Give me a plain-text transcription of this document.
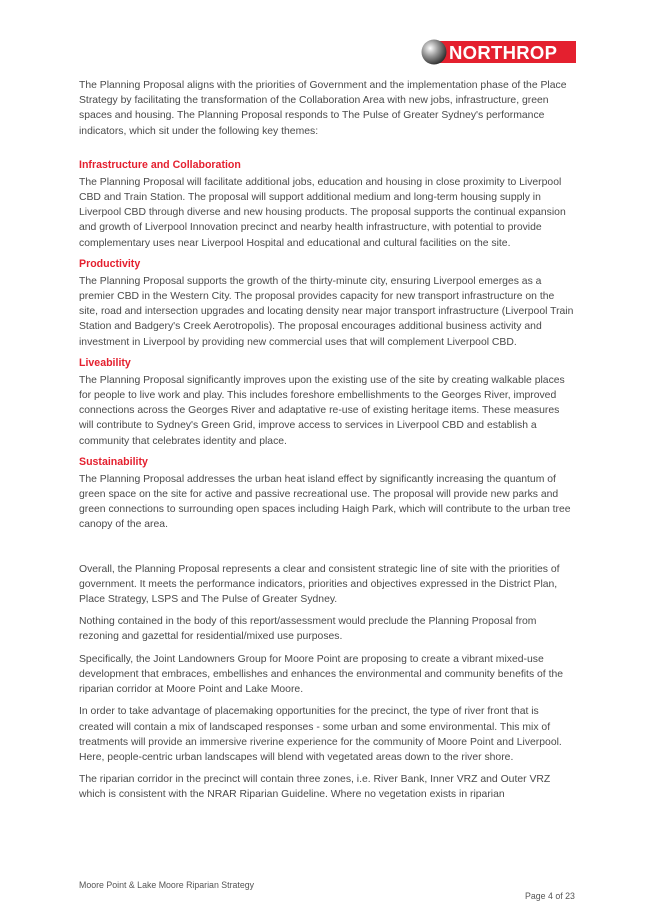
NORTHROP

The Planning Proposal aligns with the priorities of Government and the implementation phase of the Place Strategy by facilitating the transformation of the Collaboration Area with new jobs, infrastructure, green spaces and housing. The Planning Proposal responds to The Pulse of Greater Sydney's performance indicators, which sit under the following key themes:

Infrastructure and Collaboration

The Planning Proposal will facilitate additional jobs, education and housing in close proximity to Liverpool CBD and Train Station. The proposal will support additional medium and long-term housing supply in Liverpool CBD through diverse and new housing products. The proposal supports the continual expansion and growth of Liverpool Innovation precinct and nearby health infrastructure, with potential to provide complementary uses near Liverpool Hospital and educational and cultural facilities on the site.

Productivity

The Planning Proposal supports the growth of the thirty-minute city, ensuring Liverpool emerges as a premier CBD in the Western City. The proposal provides capacity for new transport infrastructure on the site, road and intersection upgrades and locating density near major transport infrastructure (Liverpool Train Station and Badgery's Creek Aerotropolis). The proposal encourages additional business activity and investment in Liverpool by providing new commercial uses that will complement Liverpool CBD.

Liveability

The Planning Proposal significantly improves upon the existing use of the site by creating walkable places for people to live work and play. This includes foreshore embellishments to the Georges River, improved connections across the Georges River and adaptative re-use of existing heritage items. These measures will contribute to Sydney's Green Grid, improve access to services in Liverpool CBD and establish a community that celebrates identity and place.

Sustainability

The Planning Proposal addresses the urban heat island effect by significantly increasing the quantum of green space on the site for active and passive recreational use. The proposal will provide new parks and green connections to surrounding open spaces including Haigh Park, which will contribute to the urban tree canopy of the area.

Overall, the Planning Proposal represents a clear and consistent strategic line of site with the priorities of government. It meets the performance indicators, priorities and objectives expressed in the District Plan, Place Strategy, LSPS and The Pulse of Greater Sydney.

Nothing contained in the body of this report/assessment would preclude the Planning Proposal from rezoning and gazettal for residential/mixed use purposes.

Specifically, the Joint Landowners Group for Moore Point are proposing to create a vibrant mixed-use development that embraces, embellishes and enhances the environmental and community benefits of the riparian corridor at Moore Point and Lake Moore.

In order to take advantage of placemaking opportunities for the precinct, the type of river front that is created will contain a mix of landscaped responses - some urban and some environmental. This mix of treatments will provide an immersive riverine experience for the community of Moore Point and Liverpool. Here, people-centric urban landscapes will blend with vegetated areas down to the river shore.

The riparian corridor in the precinct will contain three zones, i.e. River Bank, Inner VRZ and Outer VRZ which is consistent with the NRAR Riparian Guideline. Where no vegetation exists in riparian

Moore Point & Lake Moore Riparian Strategy
Page 4 of 23
